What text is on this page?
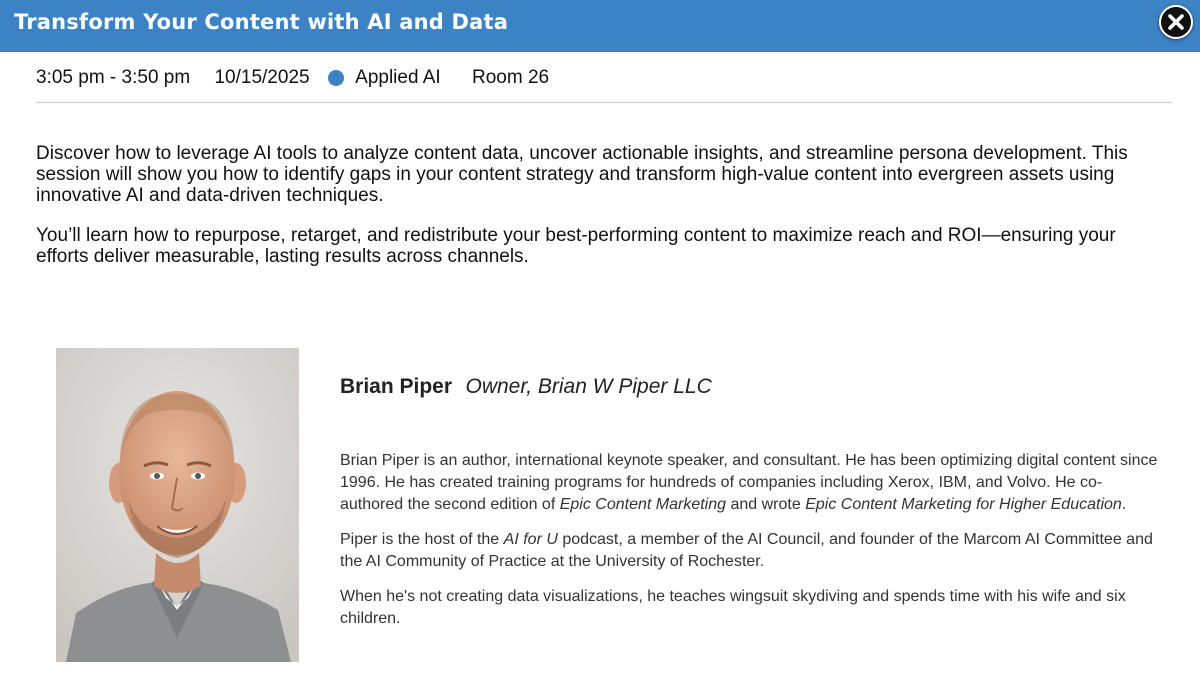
Transform Your Content with AI and Data
3:05 pm - 3:50 pm 10/15/2025 Applied AI Room 26

Discover how to leverage AI tools to analyze content data, uncover actionable insights, and streamline persona development. This session will show you how to identify gaps in your content strategy and transform high-value content into evergreen assets using innovative AI and data-driven techniques.

You’ll learn how to repurpose, retarget, and redistribute your best-performing content to maximize reach and ROI—ensuring your efforts deliver measurable, lasting results across channels.

Brian Piper Owner, Brian W Piper LLC

Brian Piper is an author, international keynote speaker, and consultant. He has been optimizing digital content since 1996. He has created training programs for hundreds of companies including Xerox, IBM, and Volvo. He co-authored the second edition of Epic Content Marketing and wrote Epic Content Marketing for Higher Education.

Piper is the host of the AI for U podcast, a member of the AI Council, and founder of the Marcom AI Committee and the AI Community of Practice at the University of Rochester.

When he's not creating data visualizations, he teaches wingsuit skydiving and spends time with his wife and six children.
